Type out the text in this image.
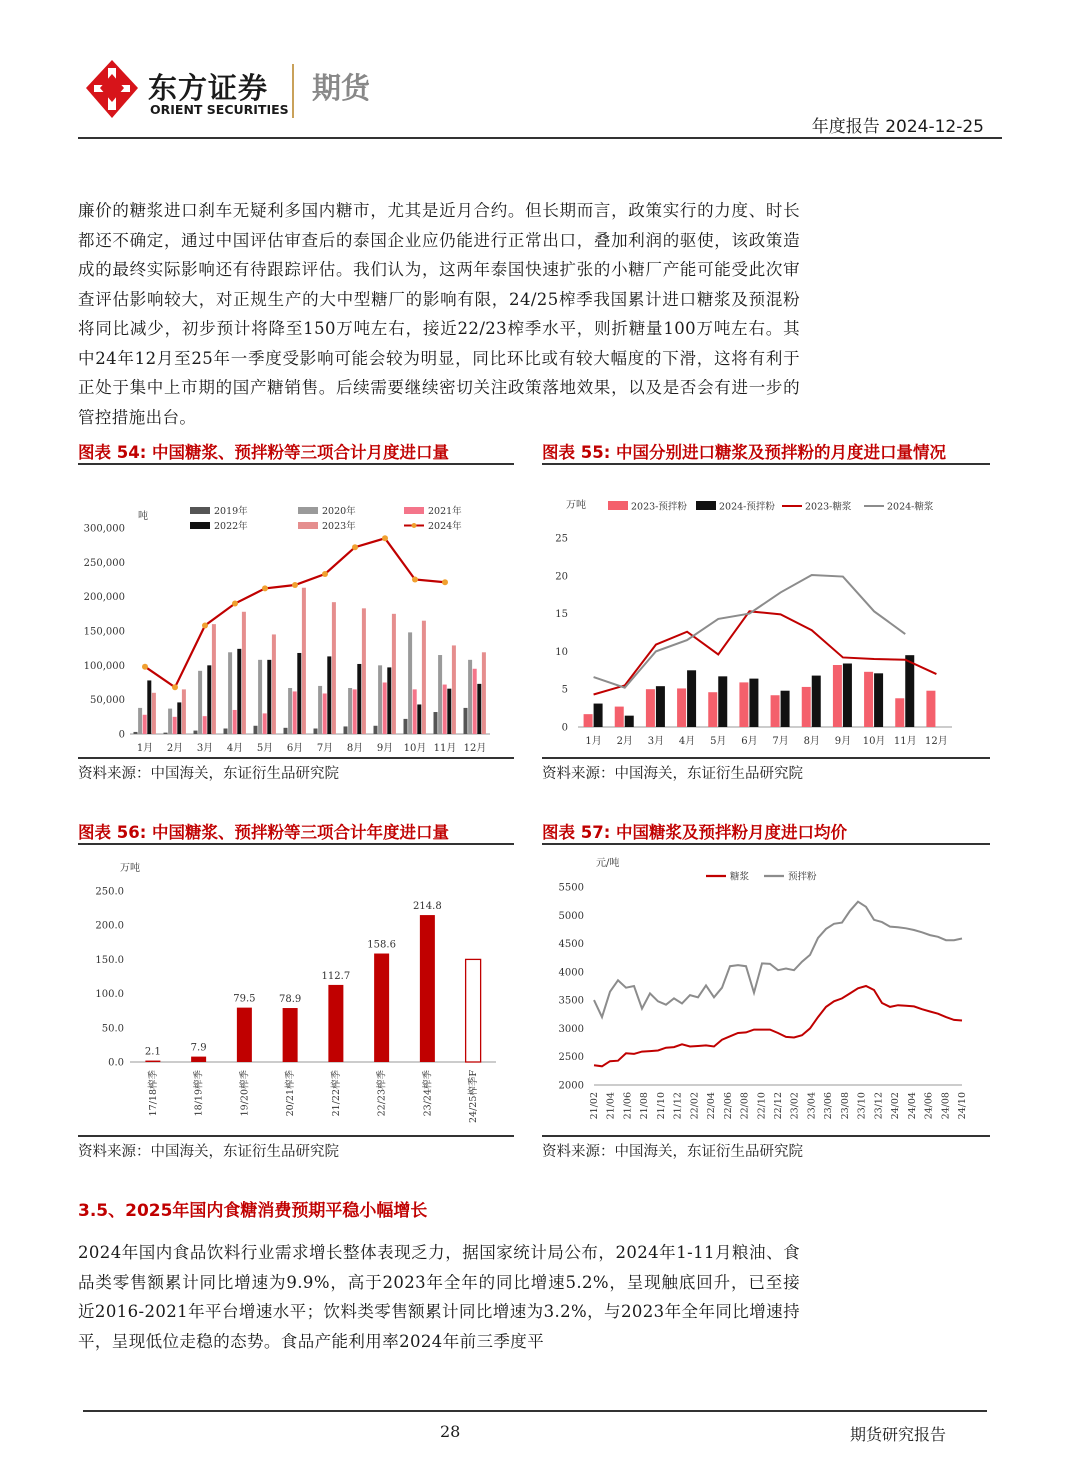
东方证券
ORIENT SECURITIES
期货
年度报告 2024-12-25
廉价的糖浆进口刹车无疑利多国内糖市，尤其是近月合约。但长期而言，政策实行的力度、时长都还不确定，通过中国评估审查后的泰国企业应仍能进行正常出口，叠加利润的驱使，该政策造成的最终实际影响还有待跟踪评估。我们认为，这两年泰国快速扩张的小糖厂产能可能受此次审查评估影响较大，对正规生产的大中型糖厂的影响有限，24/25榨季我国累计进口糖浆及预混粉将同比减少，初步预计将降至150万吨左右，接近22/23榨季水平，则折糖量100万吨左右。其中24年12月至25年一季度受影响可能会较为明显，同比环比或有较大幅度的下滑，这将有利于正处于集中上市期的国产糖销售。后续需要继续密切关注政策落地效果，以及是否会有进一步的管控措施出台。
图表 54: 中国糖浆、预拌粉等三项合计月度进口量
吨
0
50,000
100,000
150,000
200,000
250,000
300,000
1月 2月 3月 4月 5月 6月 7月 8月 9月 10月 11月 12月
2019年	2020年	2021年
2022年	2023年	2024年
资料来源：中国海关，东证衍生品研究院
图表 55: 中国分别进口糖浆及预拌粉的月度进口量情况
万吨
0
5
10
15
20
25
1月 2月 3月 4月 5月 6月 7月 8月 9月 10月 11月 12月
2023-预拌粉	2024-预拌粉	2023-糖浆	2024-糖浆
资料来源：中国海关，东证衍生品研究院
图表 56: 中国糖浆、预拌粉等三项合计年度进口量
万吨
0.0
50.0
100.0
150.0
200.0
250.0
2.1
17/18榨季
7.9
18/19榨季
79.5
19/20榨季
78.9
20/21榨季
112.7
21/22榨季
158.6
22/23榨季
214.8
23/24榨季	24/25榨季F
资料来源：中国海关，东证衍生品研究院
图表 57: 中国糖浆及预拌粉月度进口均价
元/吨
2000
2500
3000
3500
4000
4500
5000
5500
21/02 21/04 21/06 21/08 21/10 21/12 22/02 22/04 22/06 22/08 22/10 22/12 23/02 23/04 23/06 23/08 23/10 23/12 24/02 24/04 24/06 24/08 24/10
糖浆	预拌粉
资料来源：中国海关，东证衍生品研究院
3.5、2025年国内食糖消费预期平稳小幅增长
2024年国内食品饮料行业需求增长整体表现乏力，据国家统计局公布，2024年1-11月粮油、食品类零售额累计同比增速为9.9%，高于2023年全年的同比增速5.2%，呈现触底回升，已至接近2016-2021年平台增速水平；饮料类零售额累计同比增速为3.2%，与2023年全年同比增速持平，呈现低位走稳的态势。食品产能利用率2024年前三季度平
28	期货研究报告
